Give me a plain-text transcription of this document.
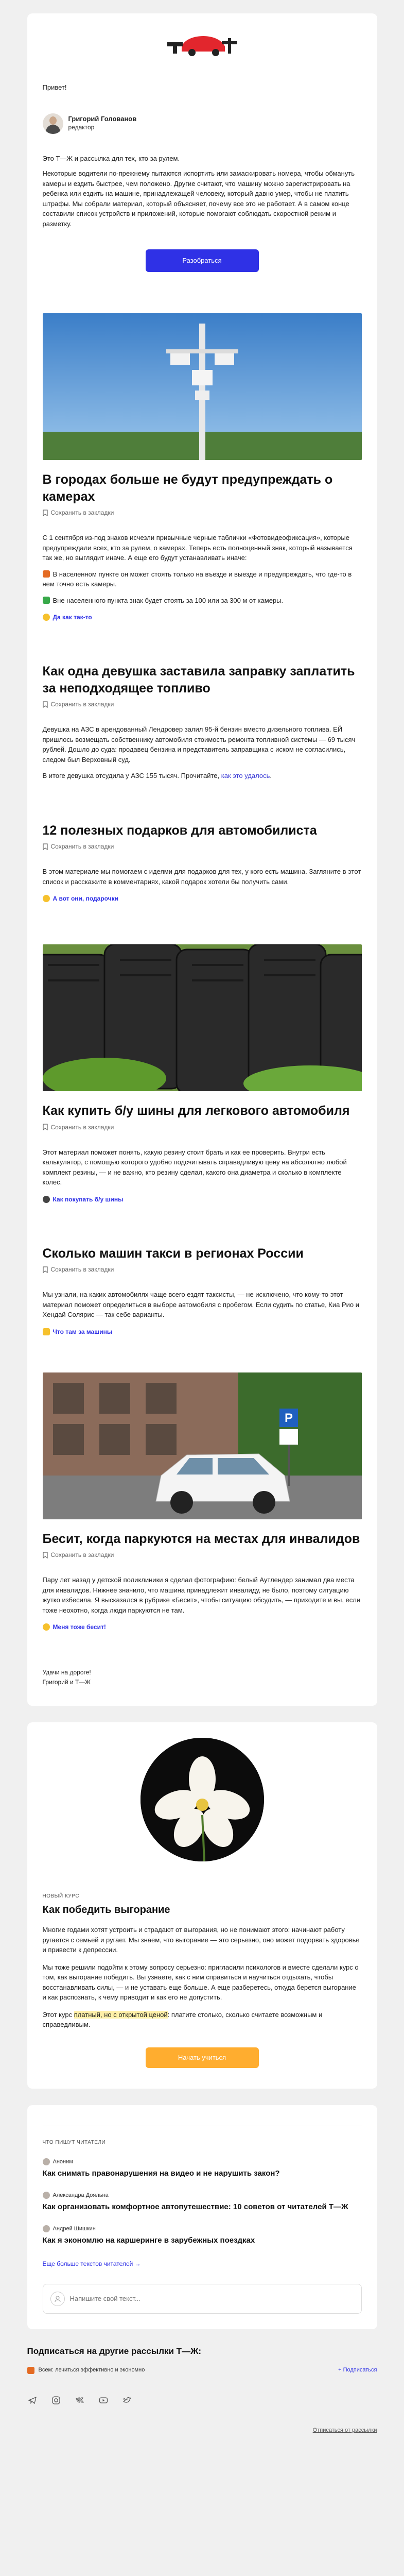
Привет!
Григорий Голованов
редактор

Это Т—Ж и рассылка для тех, кто за рулем.

Некоторые водители по-прежнему пытаются испортить или замаскировать номера, чтобы обмануть камеры и ездить быстрее, чем положено. Другие считают, что машину можно зарегистрировать на ребенка или ездить на машине, принадлежащей человеку, который давно умер, чтобы не платить штрафы. Мы собрали материал, который объясняет, почему все это не работает. А в самом конце составили список устройств и приложений, которые помогают соблюдать скоростной режим и разметку.

Разобраться
В городах больше не будут предупреждать о камерах
Сохранить в закладки

С 1 сентября из-под знаков исчезли привычные черные таблички «Фотовидеофиксация», которые предупреждали всех, кто за рулем, о камерах. Теперь есть полноценный знак, который называется так же, но выглядит иначе. А еще его будут устанавливать иначе:

В населенном пункте он может стоять только на въезде и выезде и предупреждать, что где-то в нем точно есть камеры.

Вне населенного пункта знак будет стоять за 100 или за 300 м от камеры.

Да как так-то
Как одна девушка заставила заправку заплатить за неподходящее топливо
Сохранить в закладки

Девушка на АЗС в арендованный Лендровер залил 95-й бензин вместо дизельного топлива. ЕЙ пришлось возмещать собственнику автомобиля стоимость ремонта топливной системы — 69 тысяч рублей. Дошло до суда: продавец бензина и представитель заправщика с иском не согласились, следом был Верховный суд.

В итоге девушка отсудила у АЗС 155 тысяч. Прочитайте, как это удалось.

12 полезных подарков для автомобилиста
Сохранить в закладки

В этом материале мы помогаем с идеями для подарков для тех, у кого есть машина. Загляните в этот список и расскажите в комментариях, какой подарок хотели бы получить сами.

А вот они, подарочки
Как купить б/у шины для легкового автомобиля
Сохранить в закладки

Этот материал поможет понять, какую резину стоит брать и как ее проверить. Внутри есть калькулятор, с помощью которого удобно подсчитывать справедливую цену на абсолютно любой комплект резины, — и не важно, кто резину сделал, какого она диаметра и сколько в комплекте колес.

Как покупать б/у шины
Сколько машин такси в регионах России
Сохранить в закладки

Мы узнали, на каких автомобилях чаще всего ездят таксисты, — не исключено, что кому-то этот материал поможет определиться в выборе автомобиля с пробегом. Если судить по статье, Киа Рио и Хендай Солярис — так себе варианты.

Что там за машины
P
Бесит, когда паркуются на местах для инвалидов
Сохранить в закладки

Пару лет назад у детской поликлиники я сделал фотографию: белый Аутлендер занимал два места для инвалидов. Нижнее значило, что машина принадлежит инвалиду, не было, поэтому ситуацию жутко избесила. Я высказался в рубрике «Бесит», чтобы ситуацию обсудить, — приходите и вы, если тоже неохотно, когда люди паркуются не там.

Меня тоже бесит!
Удачи на дороге!
Григорий и Т—Ж
НОВЫЙ КУРС
Как победить выгорание

Многие годами хотят устроить и страдают от выгорания, но не понимают этого: начинают работу ругается с семьей и ругает. Мы знаем, что выгорание — это серьезно, оно может подорвать здоровье и привести к депрессии.

Мы тоже решили подойти к этому вопросу серьезно: пригласили психологов и вместе сделали курс о том, как выгорание победить. Вы узнаете, как с ним справиться и научиться отдыхать, чтобы восстанавливать силы, — и не уставать еще больше. А еще разберетесь, откуда берется выгорание и как распознать, к чему приводит и как его не допустить.

Этот курс платный, но с открытой ценой: платите столько, сколько считаете возможным и справедливым.

Начать учиться
ЧТО ПИШУТ ЧИТАТЕЛИ
Аноним
Как снимать правонарушения на видео и не нарушить закон?
Александра Дояльна
Как организовать комфортное автопутешествие: 10 советов от читателей Т—Ж
Андрей Шишкин
Как я экономлю на каршеринге в зарубежных поездках
Еще больше текстов читателей →
Напишите свой текст...
Подписаться на другие рассылки Т—Ж:
Всем: лечиться эффективно и экономно	+ Подписаться
Отписаться от рассылки
